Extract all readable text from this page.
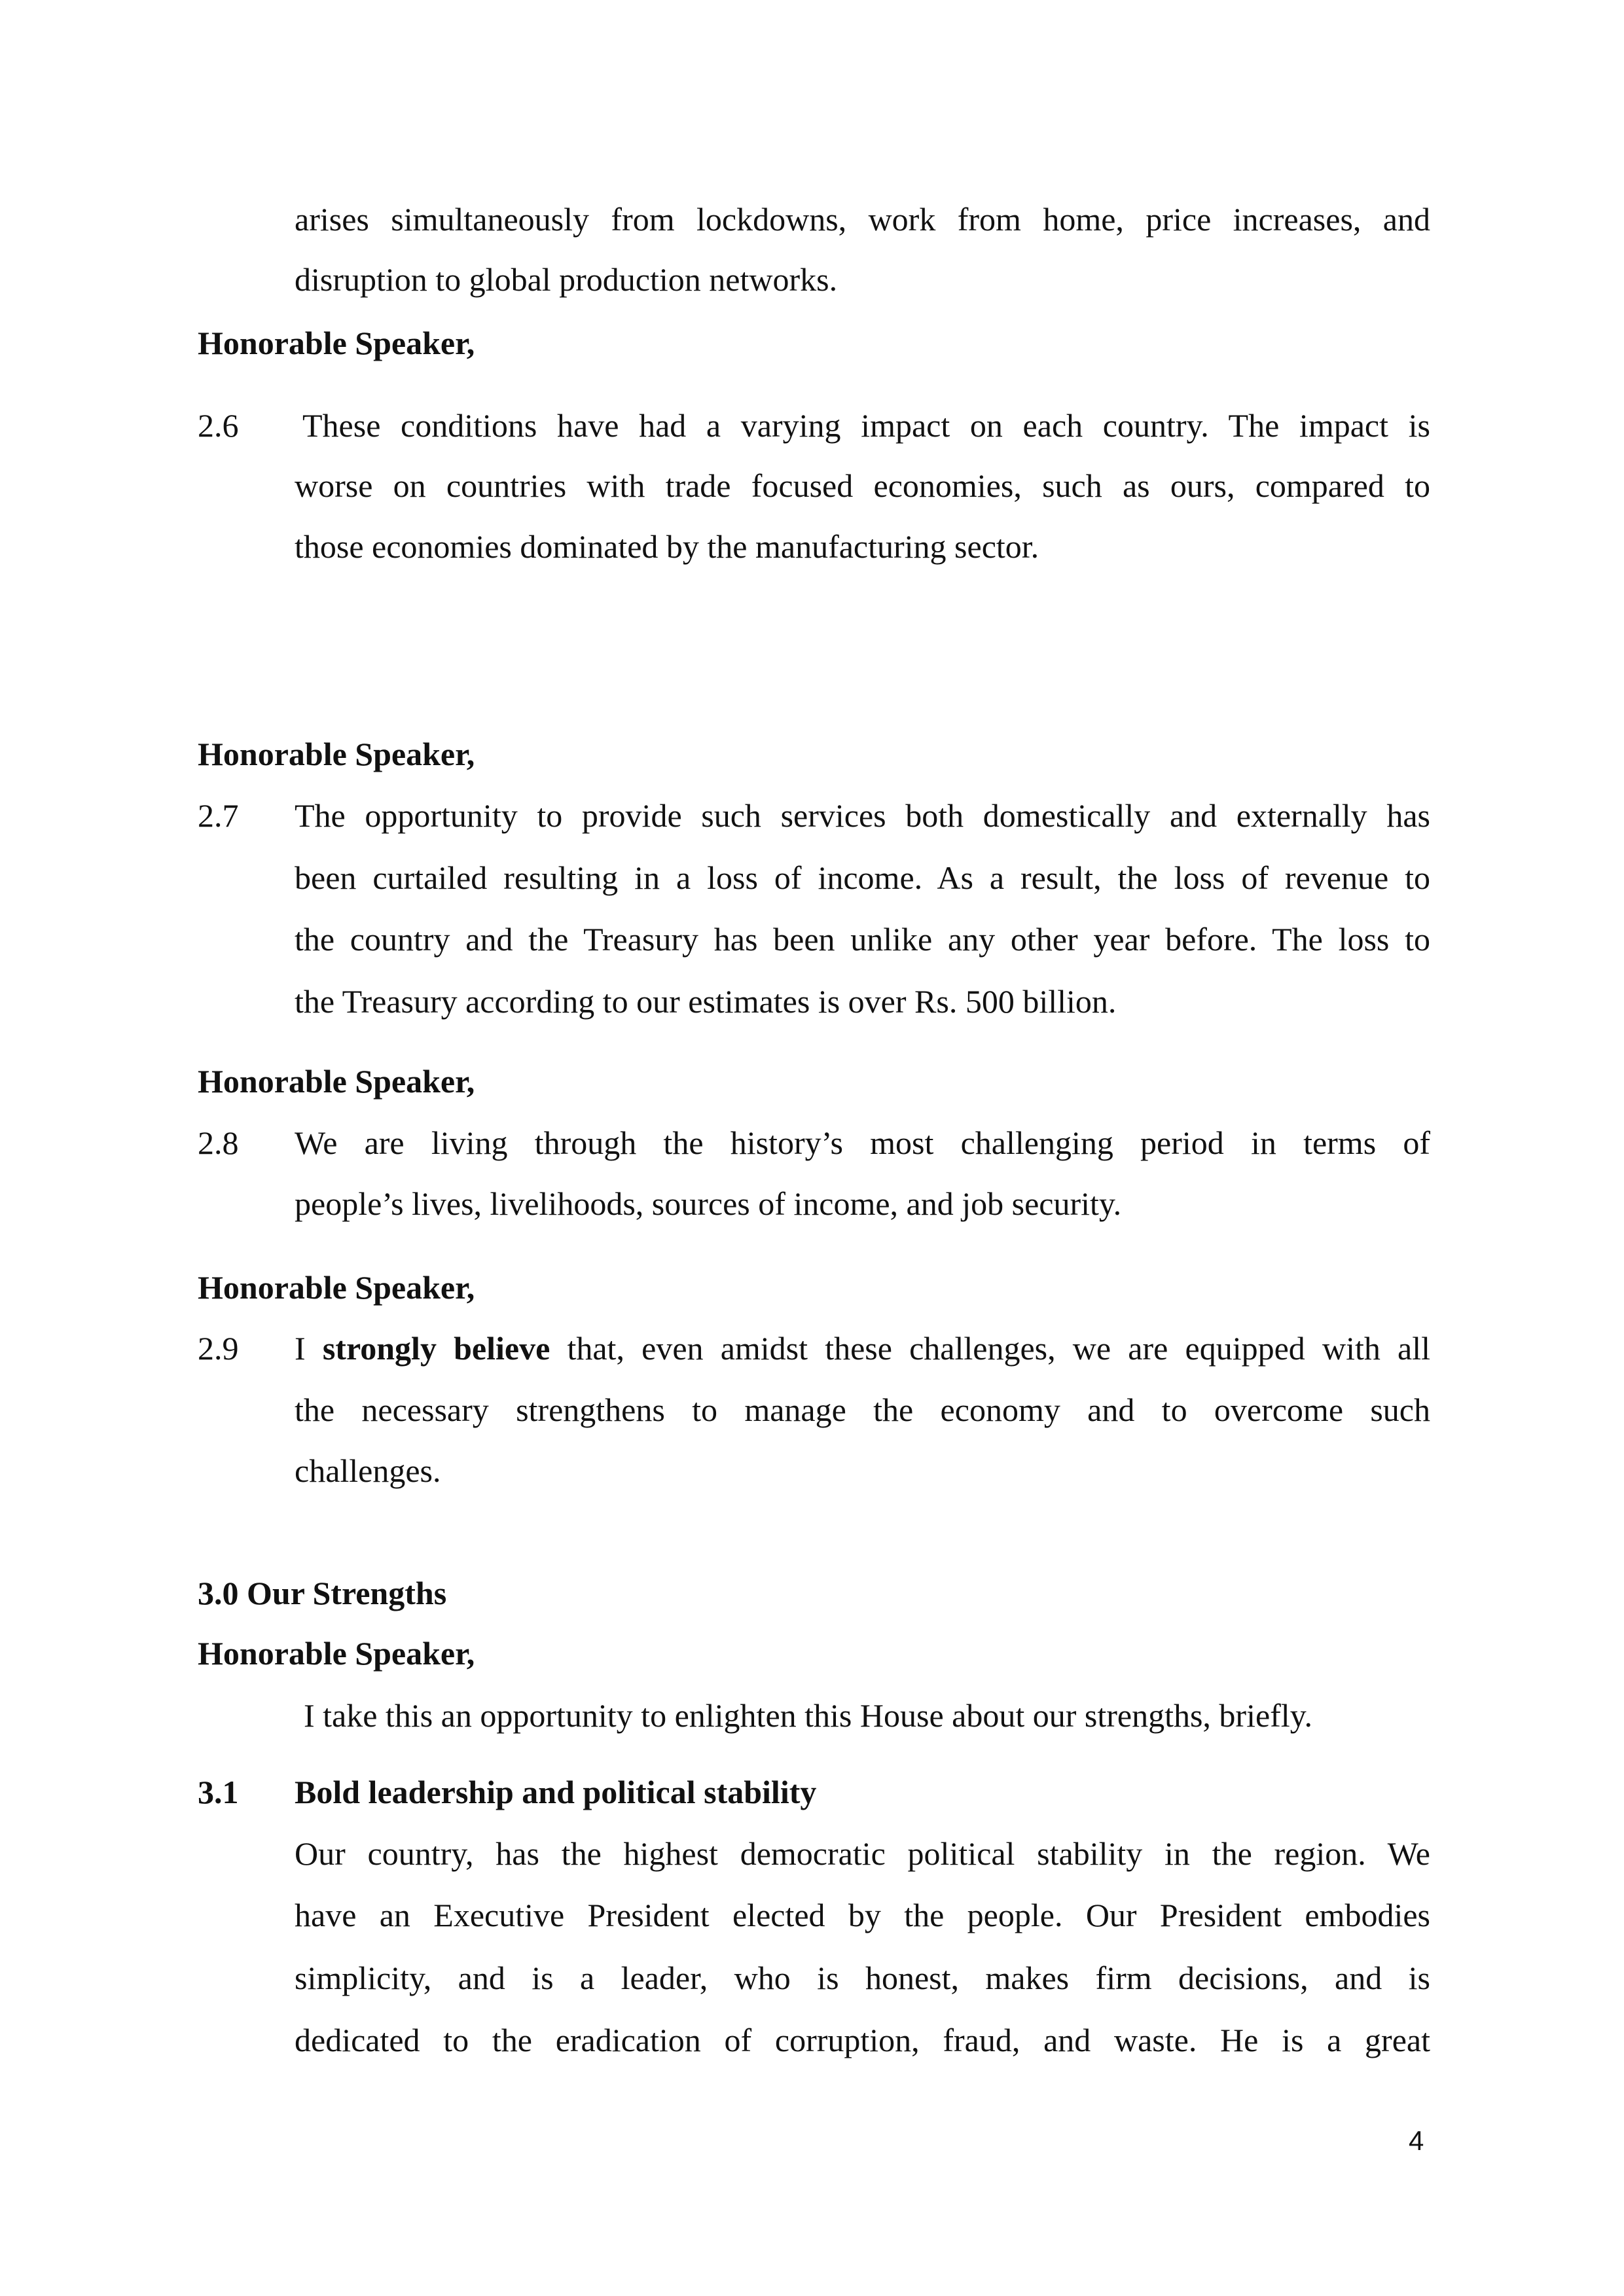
arises simultaneously from lockdowns, work from home, price increases, and
disruption to global production networks.
Honorable Speaker,
2.6 These conditions have had a varying impact on each country. The impact is
worse on countries with trade focused economies, such as ours, compared to
those economies dominated by the manufacturing sector.
Honorable Speaker,
2.7 The opportunity to provide such services both domestically and externally has
been curtailed resulting in a loss of income. As a result, the loss of revenue to
the country and the Treasury has been unlike any other year before. The loss to
the Treasury according to our estimates is over Rs. 500 billion.
Honorable Speaker,
2.8 We are living through the history’s most challenging period in terms of
people’s lives, livelihoods, sources of income, and job security.
Honorable Speaker,
2.9 I strongly believe that, even amidst these challenges, we are equipped with all
the necessary strengthens to manage the economy and to overcome such
challenges.
3.0 Our Strengths
Honorable Speaker,
I take this an opportunity to enlighten this House about our strengths, briefly.
3.1 Bold leadership and political stability
Our country, has the highest democratic political stability in the region. We
have an Executive President elected by the people. Our President embodies
simplicity, and is a leader, who is honest, makes firm decisions, and is
dedicated to the eradication of corruption, fraud, and waste. He is a great
4
